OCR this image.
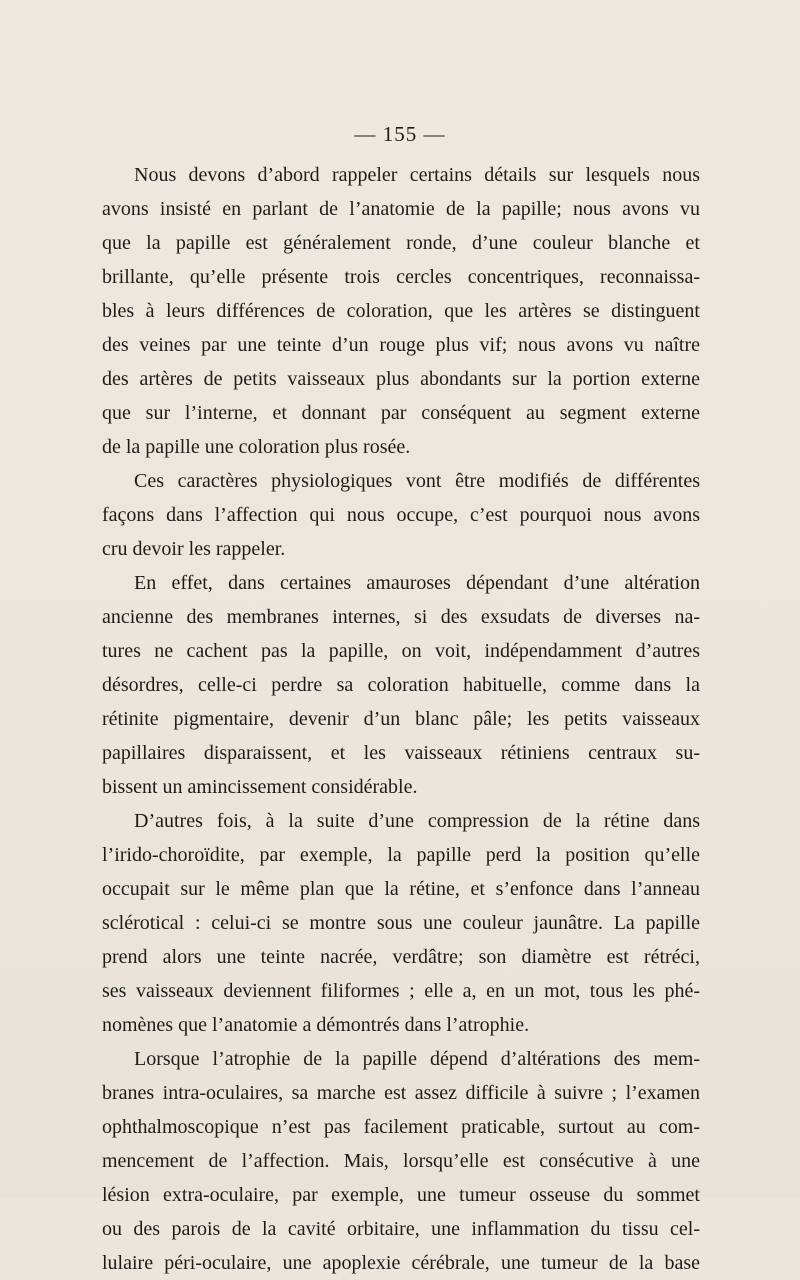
— 155 —
Nous devons d’abord rappeler certains détails sur lesquels nous
avons insisté en parlant de l’anatomie de la papille; nous avons vu
que la papille est généralement ronde, d’une couleur blanche et
brillante, qu’elle présente trois cercles concentriques, reconnaissa-
bles à leurs différences de coloration, que les artères se distinguent
des veines par une teinte d’un rouge plus vif; nous avons vu naître
des artères de petits vaisseaux plus abondants sur la portion externe
que sur l’interne, et donnant par conséquent au segment externe
de la papille une coloration plus rosée.
Ces caractères physiologiques vont être modifiés de différentes
façons dans l’affection qui nous occupe, c’est pourquoi nous avons
cru devoir les rappeler.
En effet, dans certaines amauroses dépendant d’une altération
ancienne des membranes internes, si des exsudats de diverses na-
tures ne cachent pas la papille, on voit, indépendamment d’autres
désordres, celle-ci perdre sa coloration habituelle, comme dans la
rétinite pigmentaire, devenir d’un blanc pâle; les petits vaisseaux
papillaires disparaissent, et les vaisseaux rétiniens centraux su-
bissent un amincissement considérable.
D’autres fois, à la suite d’une compression de la rétine dans
l’irido-choroïdite, par exemple, la papille perd la position qu’elle
occupait sur le même plan que la rétine, et s’enfonce dans l’anneau
sclérotical : celui-ci se montre sous une couleur jaunâtre. La papille
prend alors une teinte nacrée, verdâtre; son diamètre est rétréci,
ses vaisseaux deviennent filiformes ; elle a, en un mot, tous les phé-
nomènes que l’anatomie a démontrés dans l’atrophie.
Lorsque l’atrophie de la papille dépend d’altérations des mem-
branes intra-oculaires, sa marche est assez difficile à suivre ; l’examen
ophthalmoscopique n’est pas facilement praticable, surtout au com-
mencement de l’affection. Mais, lorsqu’elle est consécutive à une
lésion extra-oculaire, par exemple, une tumeur osseuse du sommet
ou des parois de la cavité orbitaire, une inflammation du tissu cel-
lulaire péri-oculaire, une apoplexie cérébrale, une tumeur de la base
